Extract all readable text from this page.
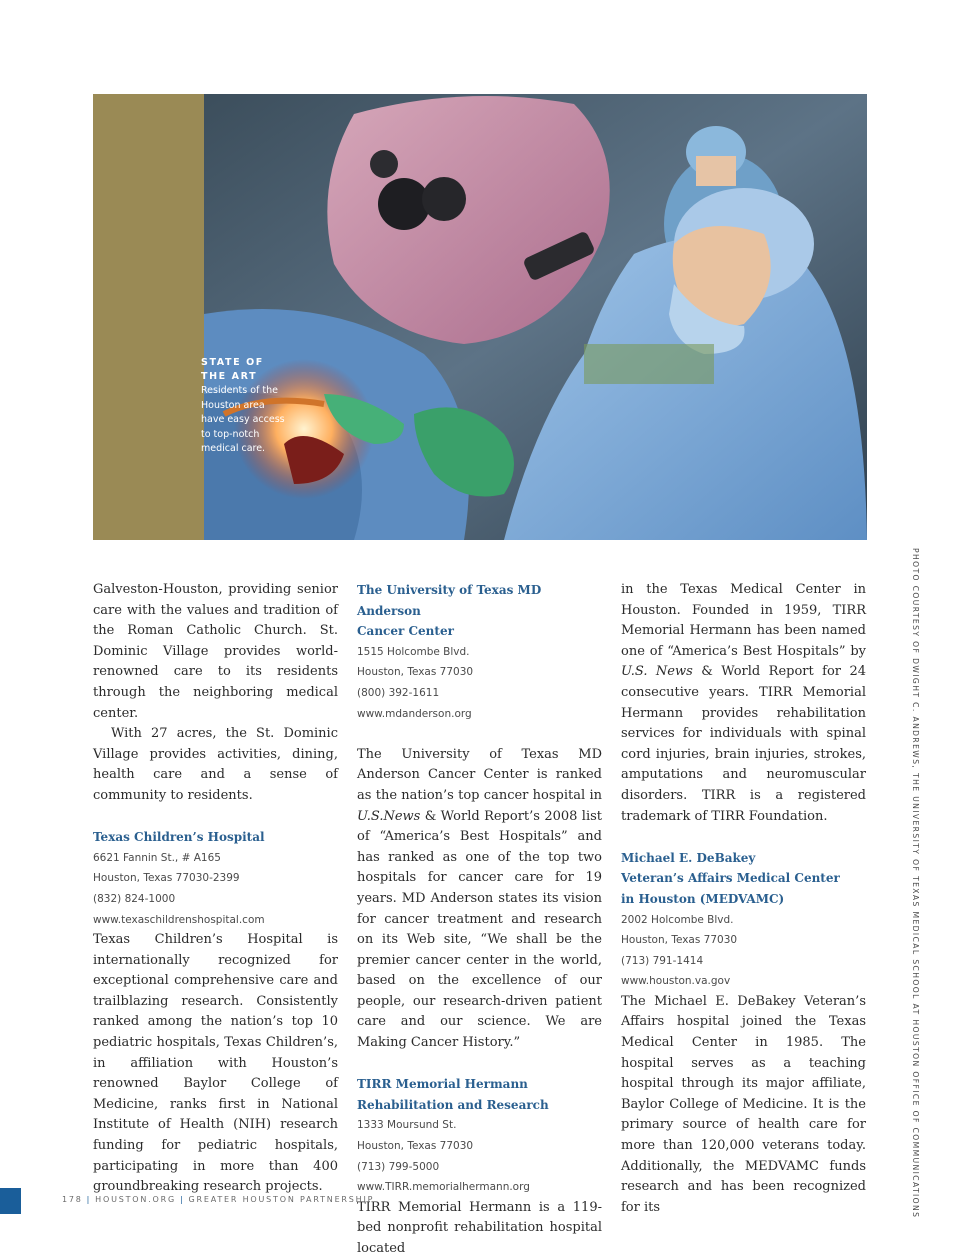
STATE OF THE ART
Residents of the Houston area have easy access to top-notch medical care.

Galveston-Houston, providing senior care with the values and tradition of the Roman Catholic Church. St. Dominic Village provides world-renowned care to its residents through the neighboring medical center.

With 27 acres, the St. Dominic Village provides activities, dining, health care and a sense of community to residents.

Texas Children’s Hospital
6621 Fannin St., # A165
Houston, Texas 77030-2399
(832) 824-1000
www.texaschildrenshospital.com

Texas Children’s Hospital is internationally recognized for exceptional comprehensive care and trailblazing research. Consistently ranked among the nation’s top 10 pediatric hospitals, Texas Children’s, in affiliation with Houston’s renowned Baylor College of Medicine, ranks first in National Institute of Health (NIH) research funding for pediatric hospitals, participating in more than 400 groundbreaking research projects.

The University of Texas MD Anderson
Cancer Center
1515 Holcombe Blvd.
Houston, Texas 77030
(800) 392-1611
www.mdanderson.org

The University of Texas MD Anderson Cancer Center is ranked as the nation’s top cancer hospital in U.S.News & World Report’s 2008 list of “America’s Best Hospitals” and has ranked as one of the top two hospitals for cancer care for 19 years. MD Anderson states its vision for cancer treatment and research on its Web site, “We shall be the premier cancer center in the world, based on the excellence of our people, our research-driven patient care and our science. We are Making Cancer History.”

TIRR Memorial Hermann
Rehabilitation and Research
1333 Moursund St.
Houston, Texas 77030
(713) 799-5000
www.TIRR.memorialhermann.org

TIRR Memorial Hermann is a 119-bed nonprofit rehabilitation hospital located

in the Texas Medical Center in Houston. Founded in 1959, TIRR Memorial Hermann has been named one of “America’s Best Hospitals” by U.S. News & World Report for 24 consecutive years. TIRR Memorial Hermann provides rehabilitation services for individuals with spinal cord injuries, brain injuries, strokes, amputations and neuromuscular disorders. TIRR is a registered trademark of TIRR Foundation.

Michael E. DeBakey
Veteran’s Affairs Medical Center
in Houston (MEDVAMC)
2002 Holcombe Blvd.
Houston, Texas 77030
(713) 791-1414
www.houston.va.gov

The Michael E. DeBakey Veteran’s Affairs hospital joined the Texas Medical Center in 1985. The hospital serves as a teaching hospital through its major affiliate, Baylor College of Medicine. It is the primary source of health care for more than 120,000 veterans today. Additionally, the MEDVAMC funds research and has been recognized for its	PHOTO COURTESY OF DWIGHT C. ANDREWS, THE UNIVERSITY OF TEXAS MEDICAL SCHOOL AT HOUSTON OFFICE OF COMMUNICATIONS
178 | HOUSTON.ORG | GREATER HOUSTON PARTNERSHIP
